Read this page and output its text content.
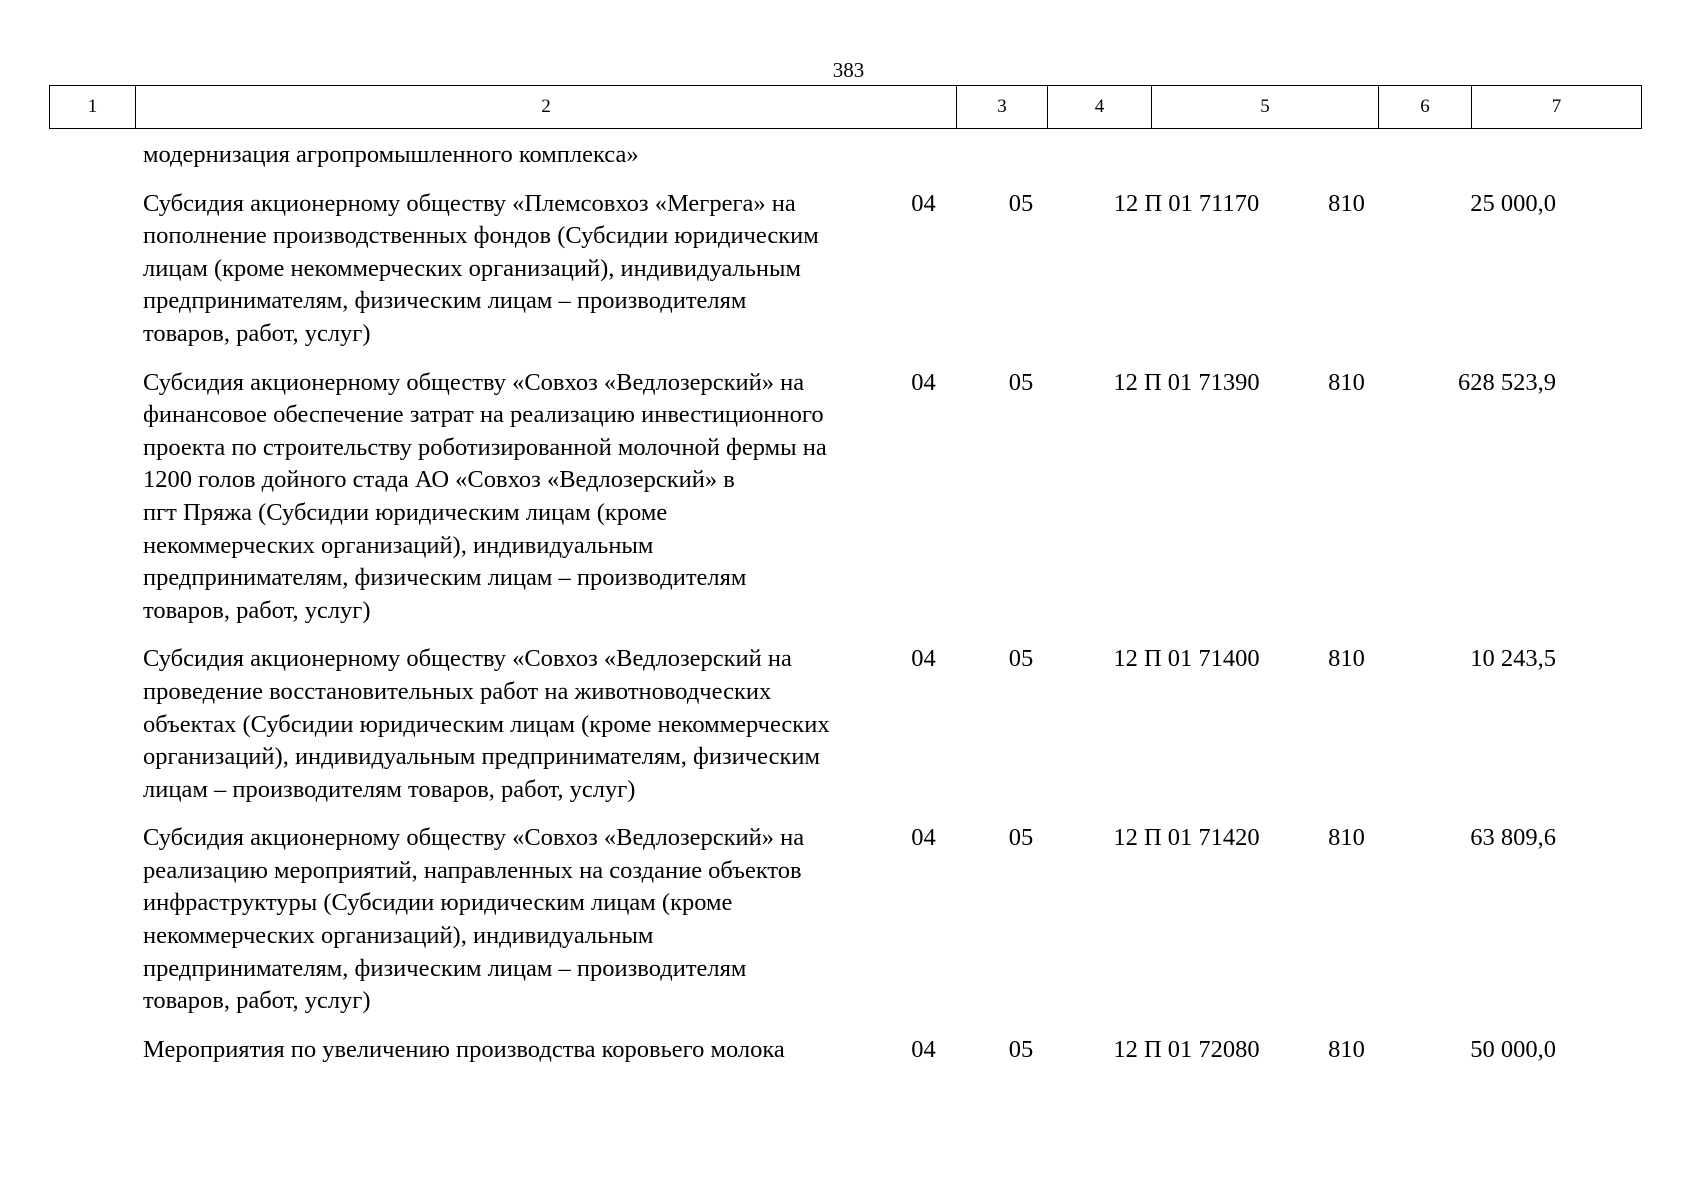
383
1	2	3	4	5	6	7
модернизация агропромышленного комплекса»
Субсидия акционерному обществу «Племсовхоз «Мегрега» на
пополнение производственных фондов (Субсидии юридическим
лицам (кроме некоммерческих организаций), индивидуальным
предпринимателям, физическим лицам – производителям
товаров, работ, услуг)
04	05	12 П 01 71170	810	25 000,0
Субсидия акционерному обществу «Совхоз «Ведлозерский» на
финансовое обеспечение затрат на реализацию инвестиционного
проекта по строительству роботизированной молочной фермы на
1200 голов дойного стада АО «Совхоз «Ведлозерский» в
пгт Пряжа (Субсидии юридическим лицам (кроме
некоммерческих организаций), индивидуальным
предпринимателям, физическим лицам – производителям
товаров, работ, услуг)
04	05	12 П 01 71390	810	628 523,9
Субсидия акционерному обществу «Совхоз «Ведлозерский на
проведение восстановительных работ на животноводческих
объектах (Субсидии юридическим лицам (кроме некоммерческих
организаций), индивидуальным предпринимателям, физическим
лицам – производителям товаров, работ, услуг)
04	05	12 П 01 71400	810	10 243,5
Субсидия акционерному обществу «Совхоз «Ведлозерский» на
реализацию мероприятий, направленных на создание объектов
инфраструктуры (Субсидии юридическим лицам (кроме
некоммерческих организаций), индивидуальным
предпринимателям, физическим лицам – производителям
товаров, работ, услуг)
04	05	12 П 01 71420	810	63 809,6
Мероприятия по увеличению производства коровьего молока	04	05	12 П 01 72080	810	50 000,0
